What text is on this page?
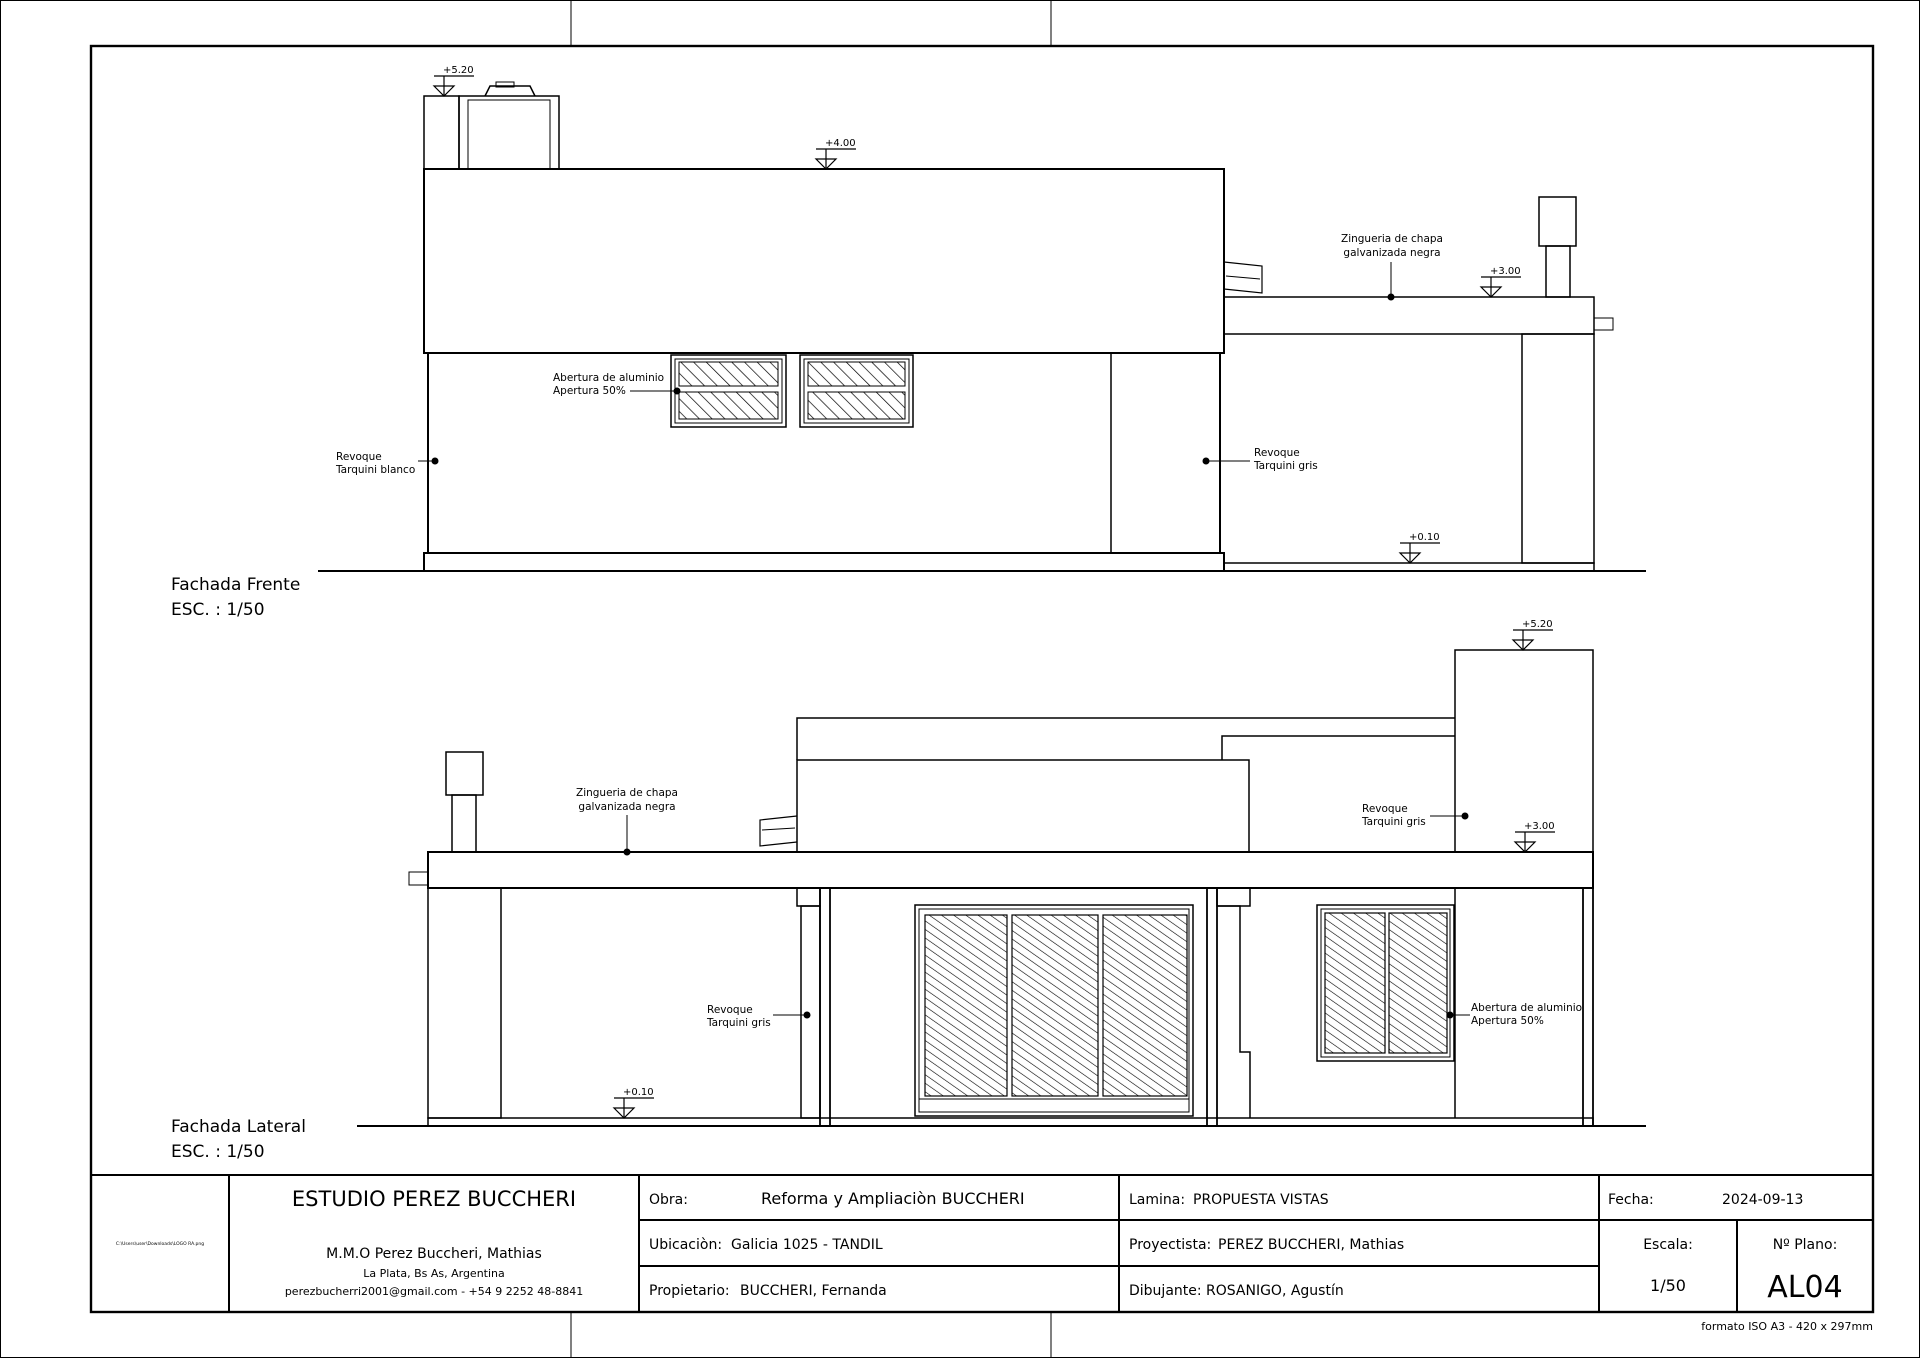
+5.20
+4.00
+3.00
+0.10
Abertura de aluminio
Apertura 50%
Revoque
Tarquini blanco
Revoque
Tarquini gris
Zingueria de chapa
galvanizada negra
Fachada Frente
ESC. : 1/50
+5.20
+3.00
+0.10
Zingueria de chapa
galvanizada negra	Revoque
Tarquini gris
Revoque
Tarquini gris
Abertura de aluminio
Apertura 50%
Fachada Lateral
ESC. : 1/50
C:\Users\user\Downloads\LOGO RA.png
ESTUDIO PEREZ BUCCHERI
M.M.O Perez Buccheri, Mathias
La Plata, Bs As, Argentina
perezbucherri2001@gmail.com - +54 9 2252 48-8841
Obra:	Reforma y Ampliaciòn BUCCHERI
Ubicaciòn: Galicia 1025 - TANDIL
Propietario: BUCCHERI, Fernanda
Lamina: PROPUESTA VISTAS
Proyectista: PEREZ BUCCHERI, Mathias
Dibujante: ROSANIGO, Agustín
Fecha:	2024-09-13
Escala:
1/50
Nº Plano:
AL04
formato ISO A3 - 420 x 297mm
